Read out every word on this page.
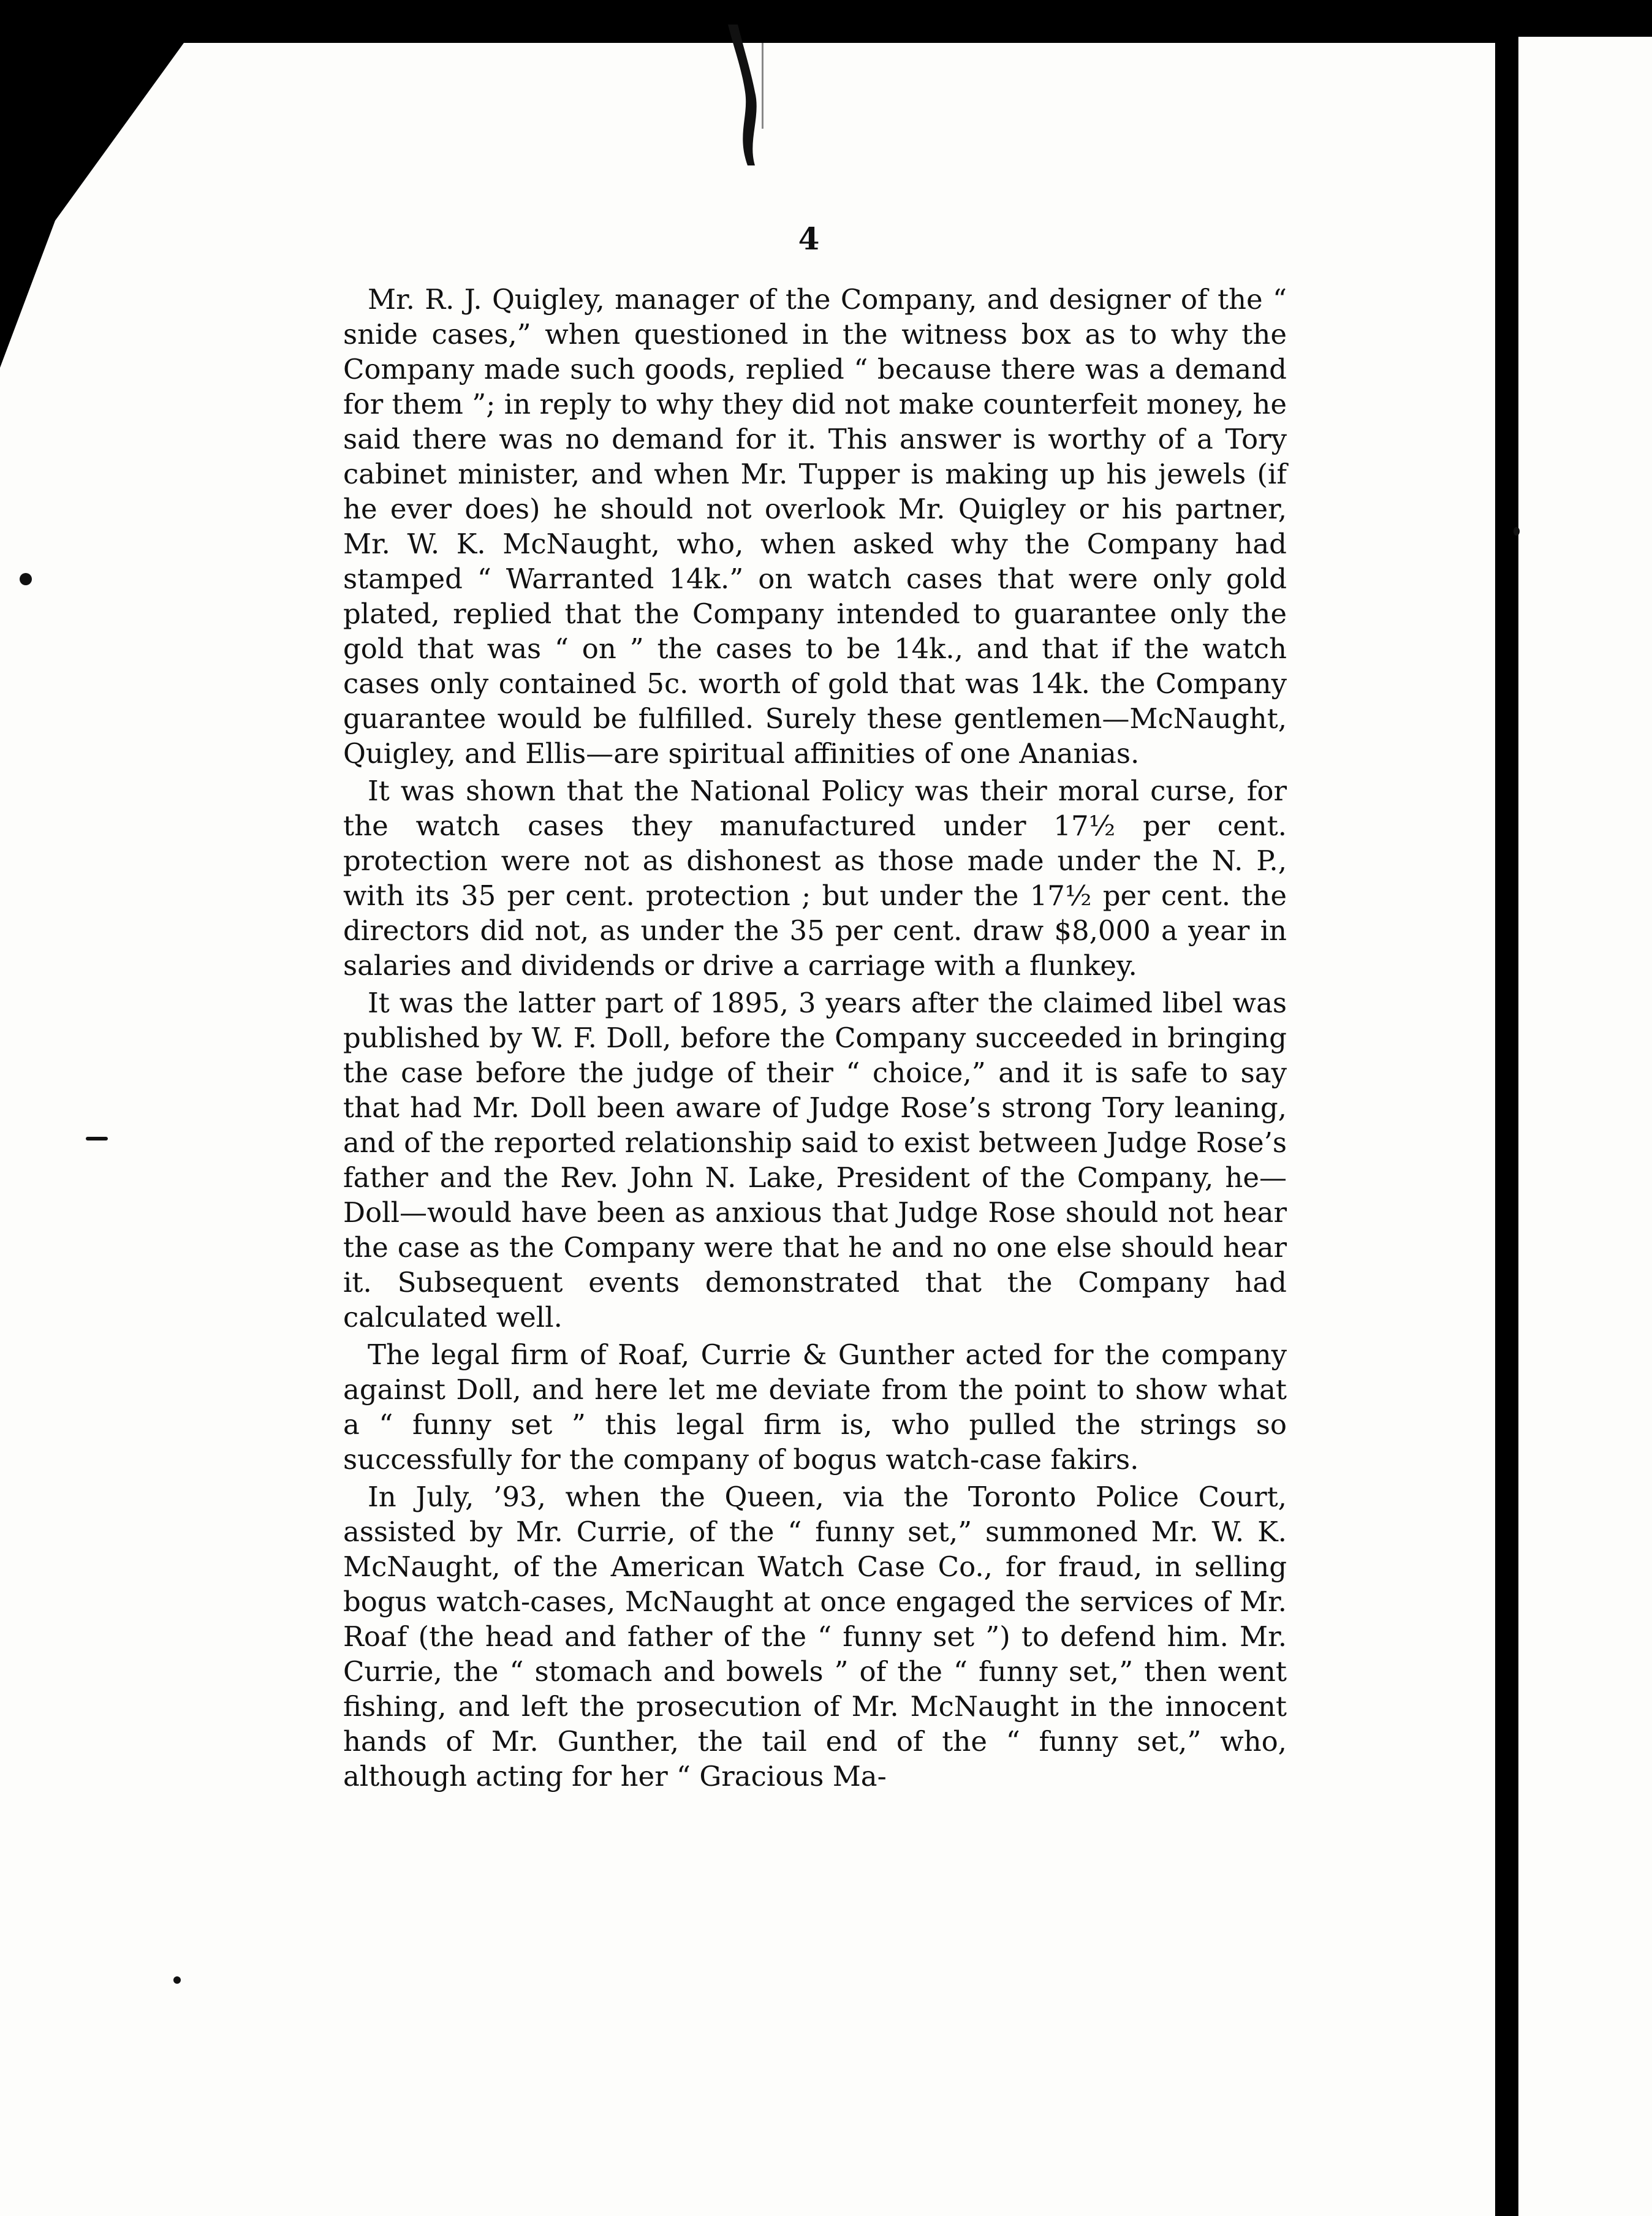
4

Mr. R. J. Quigley, manager of the Company, and designer of the “ snide cases,” when questioned in the witness box as to why the Company made such goods, replied “ because there was a demand for them ”; in reply to why they did not make counterfeit money, he said there was no demand for it. This answer is worthy of a Tory cabinet minister, and when Mr. Tupper is making up his jewels (if he ever does) he should not overlook Mr. Quigley or his partner, Mr. W. K. McNaught, who, when asked why the Company had stamped “ Warranted 14k.” on watch cases that were only gold plated, replied that the Company intended to guarantee only the gold that was “ on ” the cases to be 14k., and that if the watch cases only contained 5c. worth of gold that was 14k. the Company guarantee would be fulfilled. Surely these gentlemen—McNaught, Quigley, and Ellis—are spiritual affinities of one Ananias.

It was shown that the National Policy was their moral curse, for the watch cases they manufactured under 17½ per cent. protection were not as dishonest as those made under the N. P., with its 35 per cent. protection ; but under the 17½ per cent. the directors did not, as under the 35 per cent. draw $8,000 a year in salaries and dividends or drive a carriage with a flunkey.

It was the latter part of 1895, 3 years after the claimed libel was published by W. F. Doll, before the Company succeeded in bringing the case before the judge of their “ choice,” and it is safe to say that had Mr. Doll been aware of Judge Rose’s strong Tory leaning, and of the reported relationship said to exist between Judge Rose’s father and the Rev. John N. Lake, President of the Company, he—Doll—would have been as anxious that Judge Rose should not hear the case as the Company were that he and no one else should hear it. Subsequent events demonstrated that the Company had calculated well.

The legal firm of Roaf, Currie & Gunther acted for the company against Doll, and here let me deviate from the point to show what a “ funny set ” this legal firm is, who pulled the strings so successfully for the company of bogus watch-case fakirs.

In July, ’93, when the Queen, via the Toronto Police Court, assisted by Mr. Currie, of the “ funny set,” summoned Mr. W. K. McNaught, of the American Watch Case Co., for fraud, in selling bogus watch-cases, McNaught at once engaged the services of Mr. Roaf (the head and father of the “ funny set ”) to defend him. Mr. Currie, the “ stomach and bowels ” of the “ funny set,” then went fishing, and left the prosecution of Mr. McNaught in the innocent hands of Mr. Gunther, the tail end of the “ funny set,” who, although acting for her “ Gracious Ma-
